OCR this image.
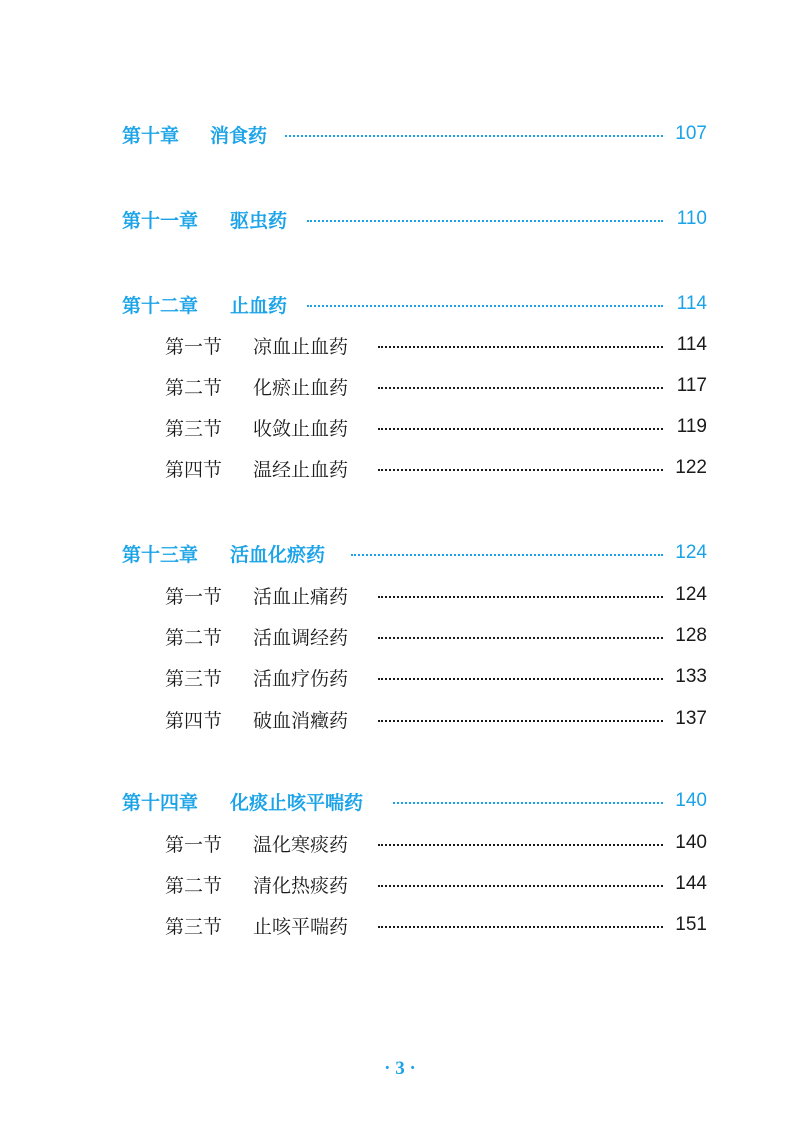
第十章 消食药	107
第十一章 驱虫药	110
第十二章 止血药	114
第一节 凉血止血药	114
第二节 化瘀止血药	117
第三节 收敛止血药	119
第四节 温经止血药	122
第十三章 活血化瘀药	124
第一节 活血止痛药	124
第二节 活血调经药	128
第三节 活血疗伤药	133
第四节 破血消癥药	137
第十四章 化痰止咳平喘药	140
第一节 温化寒痰药	140
第二节 清化热痰药	144
第三节 止咳平喘药	151
· 3 ·
